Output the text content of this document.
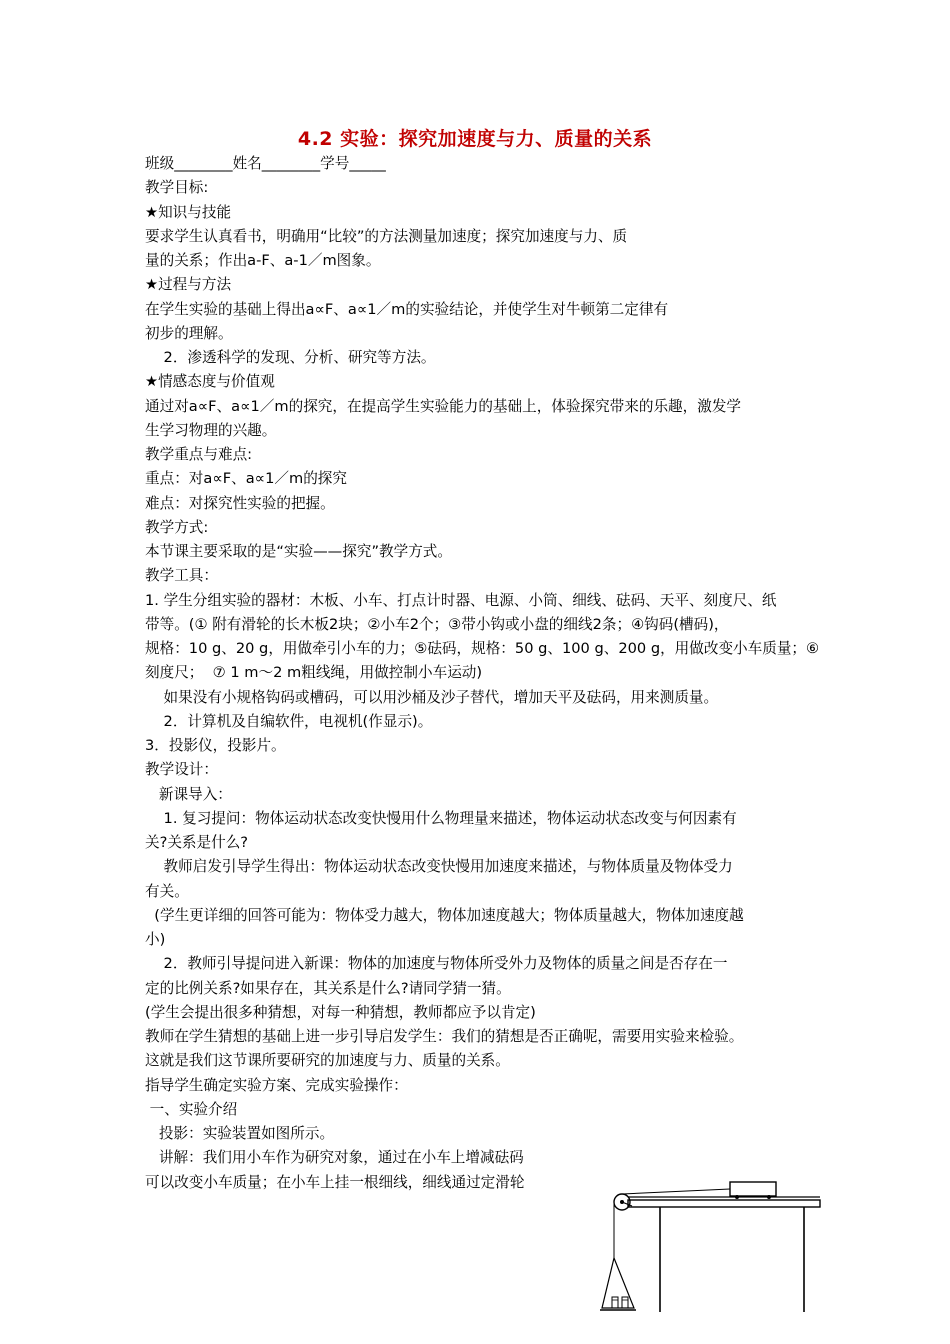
4.2 实验：探究加速度与力、质量的关系

班级________姓名________学号_____

教学目标:

★知识与技能

要求学生认真看书，明确用“比较”的方法测量加速度；探究加速度与力、质

量的关系；作出a-F、a-1／m图象。

★过程与方法

在学生实验的基础上得出a∝F、a∝1／m的实验结论，并使学生对牛顿第二定律有

初步的理解。

2．渗透科学的发现、分析、研究等方法。

★情感态度与价值观

通过对a∝F、a∝1／m的探究，在提高学生实验能力的基础上，体验探究带来的乐趣，激发学

生学习物理的兴趣。

教学重点与难点:

重点：对a∝F、a∝1／m的探究

难点：对探究性实验的把握。

教学方式:

本节课主要采取的是“实验——探究”教学方式。

教学工具：

1. 学生分组实验的器材：木板、小车、打点计时器、电源、小筒、细线、砝码、天平、刻度尺、纸

带等。(① 附有滑轮的长木板2块；②小车2个；③带小钩或小盘的细线2条；④钩码(槽码)，

规格：10 g、20 g，用做牵引小车的力；⑤砝码，规格：50 g、100 g、200 g，用做改变小车质量；⑥

刻度尺；  ⑦ 1 m～2 m粗线绳，用做控制小车运动)

如果没有小规格钩码或槽码，可以用沙桶及沙子替代，增加天平及砝码，用来测质量。

2．计算机及自编软件，电视机(作显示)。

3．投影仪，投影片。

教学设计：

新课导入：

1. 复习提问：物体运动状态改变快慢用什么物理量来描述，物体运动状态改变与何因素有

关?关系是什么?

教师启发引导学生得出：物体运动状态改变快慢用加速度来描述，与物体质量及物体受力

有关。

(学生更详细的回答可能为：物体受力越大，物体加速度越大；物体质量越大，物体加速度越

小)

2．教师引导提问进入新课：物体的加速度与物体所受外力及物体的质量之间是否存在一

定的比例关系?如果存在，其关系是什么?请同学猜一猜。

(学生会提出很多种猜想，对每一种猜想，教师都应予以肯定)

教师在学生猜想的基础上进一步引导启发学生：我们的猜想是否正确呢，需要用实验来检验。

这就是我们这节课所要研究的加速度与力、质量的关系。

指导学生确定实验方案、完成实验操作：

一、实验介绍

投影：实验装置如图所示。

讲解：我们用小车作为研究对象，通过在小车上增减砝码

可以改变小车质量；在小车上挂一根细线，细线通过定滑轮
